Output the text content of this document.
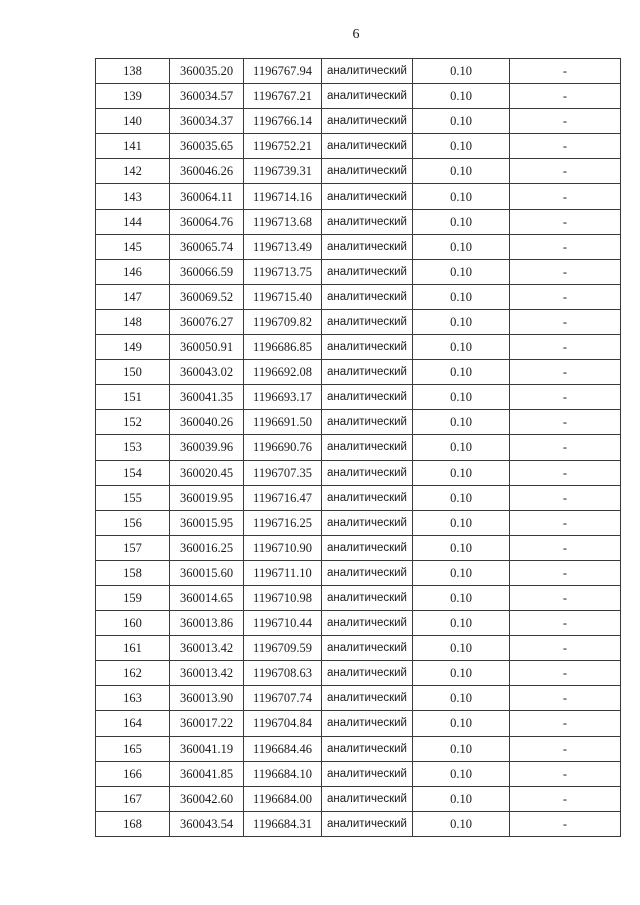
6
138	360035.20	1196767.94	аналитический	0.10	-
139	360034.57	1196767.21	аналитический	0.10	-
140	360034.37	1196766.14	аналитический	0.10	-
141	360035.65	1196752.21	аналитический	0.10	-
142	360046.26	1196739.31	аналитический	0.10	-
143	360064.11	1196714.16	аналитический	0.10	-
144	360064.76	1196713.68	аналитический	0.10	-
145	360065.74	1196713.49	аналитический	0.10	-
146	360066.59	1196713.75	аналитический	0.10	-
147	360069.52	1196715.40	аналитический	0.10	-
148	360076.27	1196709.82	аналитический	0.10	-
149	360050.91	1196686.85	аналитический	0.10	-
150	360043.02	1196692.08	аналитический	0.10	-
151	360041.35	1196693.17	аналитический	0.10	-
152	360040.26	1196691.50	аналитический	0.10	-
153	360039.96	1196690.76	аналитический	0.10	-
154	360020.45	1196707.35	аналитический	0.10	-
155	360019.95	1196716.47	аналитический	0.10	-
156	360015.95	1196716.25	аналитический	0.10	-
157	360016.25	1196710.90	аналитический	0.10	-
158	360015.60	1196711.10	аналитический	0.10	-
159	360014.65	1196710.98	аналитический	0.10	-
160	360013.86	1196710.44	аналитический	0.10	-
161	360013.42	1196709.59	аналитический	0.10	-
162	360013.42	1196708.63	аналитический	0.10	-
163	360013.90	1196707.74	аналитический	0.10	-
164	360017.22	1196704.84	аналитический	0.10	-
165	360041.19	1196684.46	аналитический	0.10	-
166	360041.85	1196684.10	аналитический	0.10	-
167	360042.60	1196684.00	аналитический	0.10	-
168	360043.54	1196684.31	аналитический	0.10	-
